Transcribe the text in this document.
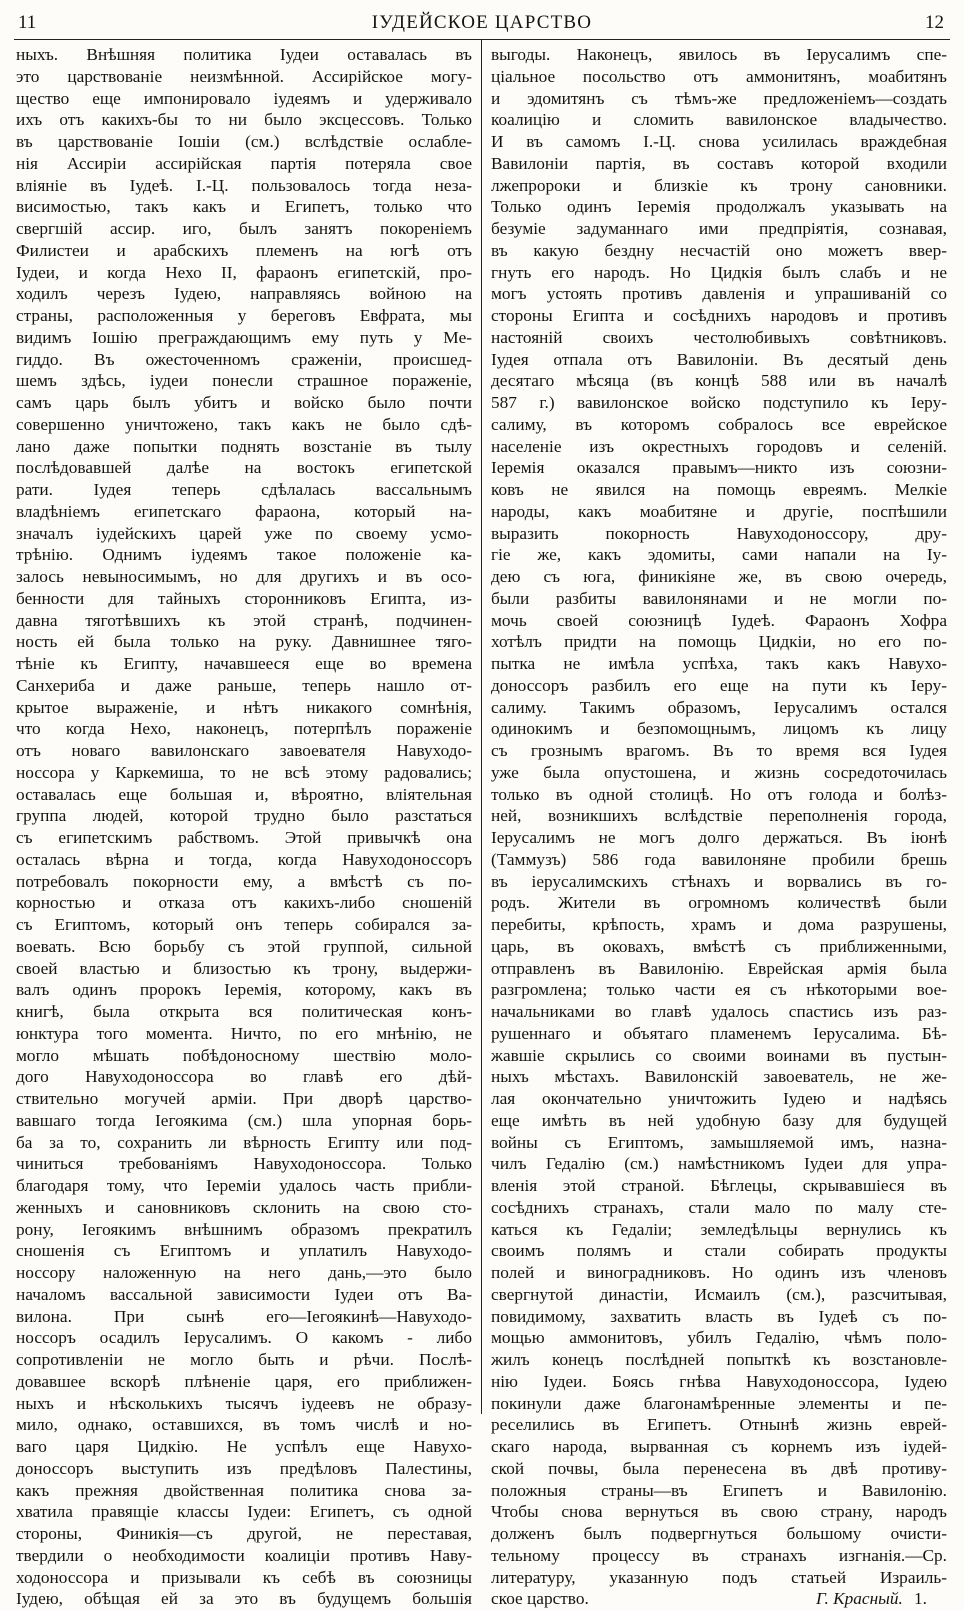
11	ІУДЕЙСКОЕ ЦАРСТВО	12
ныхъ. Внѣшняя политика Іудеи оставалась въ
это царствованіе неизмѣнной. Ассирійское могу-
щество еще импонировало іудеямъ и удерживало
ихъ отъ какихъ-бы то ни было эксцессовъ. Только
въ царствованіе Іошіи (см.) вслѣдствіе ослабле-
нія Ассиріи ассирійская партія потеряла свое
вліяніе въ Іудеѣ. І.-Ц. пользовалось тогда неза-
висимостью, такъ какъ и Египетъ, только что
свергшій ассир. иго, былъ занятъ покореніемъ
Филистеи и арабскихъ племенъ на югѣ отъ
Іудеи, и когда Нехо II, фараонъ египетскій, про-
ходилъ черезъ Іудею, направляясь войною на
страны, расположенныя у береговъ Евфрата, мы
видимъ Іошію преграждающимъ ему путь у Me-
гиддо. Въ ожесточенномъ сраженіи, происшед-
шемъ здѣсь, іудеи понесли страшное пораженіе,
самъ царь былъ убитъ и войско было почти
совершенно уничтожено, такъ какъ не было сдѣ-
лано даже попытки поднять возстаніе въ тылу
послѣдовавшей далѣе на востокъ египетской
рати. Іудея теперь сдѣлалась вассальнымъ
владѣніемъ египетскаго фараона, который на-
значалъ іудейскихъ царей уже по своему усмо-
трѣнію. Однимъ іудеямъ такое положеніе ка-
залось невыносимымъ, но для другихъ и въ осо-
бенности для тайныхъ сторонниковъ Египта, из-
давна тяготѣвшихъ къ этой странѣ, подчинен-
ность ей была только на руку. Давнишнее тяго-
тѣніе къ Египту, начавшееся еще во времена
Санхериба и даже раньше, теперь нашло от-
крытое выраженіе, и нѣтъ никакого сомнѣнія,
что когда Нехо, наконецъ, потерпѣлъ пораженіе
отъ новаго вавилонскаго завоевателя Навуходо-
носсора у Каркемиша, то не всѣ этому радовались;
оставалась еще большая и, вѣроятно, вліятельная
группа людей, которой трудно было разстаться
съ египетскимъ рабствомъ. Этой привычкѣ она
осталась вѣрна и тогда, когда Навуходоноссоръ
потребовалъ покорности ему, а вмѣстѣ съ по-
корностью и отказа отъ какихъ-либо сношеній
съ Египтомъ, который онъ теперь собирался за-
воевать. Всю борьбу съ этой группой, сильной
своей властью и близостью къ трону, выдержи-
валъ одинъ пророкъ Іеремія, которому, какъ въ
книгѣ, была открыта вся политическая конъ-
юнктура того момента. Ничто, по его мнѣнію, не
могло мѣшать побѣдоносному шествію моло-
дого Навуходоноссора во главѣ его дѣй-
ствительно могучей арміи. При дворѣ царство-
вавшаго тогда Іегоякима (см.) шла упорная борь-
ба за то, сохранить ли вѣрность Египту или под-
чиниться требованіямъ Навуходоноссора. Только
благодаря тому, что Іереміи удалось часть прибли-
женныхъ и сановниковъ склонить на свою сто-
рону, Іегоякимъ внѣшнимъ образомъ прекратилъ
сношенія съ Египтомъ и уплатилъ Навуходо-
носсору наложенную на него дань,—это было
началомъ вассальной зависимости Іудеи отъ Ва-
вилона. При сынѣ его—Іегоякинѣ—Навуходо-
носсоръ осадилъ Іерусалимъ. О какомъ - либо
сопротивленіи не могло быть и рѣчи. Послѣ-
довавшее вскорѣ плѣненіе царя, его приближен-
ныхъ и нѣсколькихъ тысячъ іудеевъ не образу-
мило, однако, оставшихся, въ томъ числѣ и но-
ваго царя Цидкію. Не успѣлъ еще Навухо-
доноссоръ выступить изъ предѣловъ Палестины,
какъ прежняя двойственная политика снова за-
хватила правящіе классы Іудеи: Египетъ, съ одной
стороны, Финикія—съ другой, не переставая,
твердили о необходимости коалиціи противъ Наву-
ходоноссора и призывали къ себѣ въ союзницы
Іудею, обѣщая ей за это въ будущемъ большія
выгоды. Наконецъ, явилось въ Іерусалимъ спе-
ціальное посольство отъ аммонитянъ, моабитянъ
и эдомитянъ съ тѣмъ-же предложеніемъ—создать
коалицію и сломить вавилонское владычество.
И въ самомъ І.-Ц. снова усилилась враждебная
Вавилоніи партія, въ составъ которой входили
лжепророки и близкіе къ трону сановники.
Только одинъ Іеремія продолжалъ указывать на
безуміе задуманнаго ими предпріятія, сознавая,
въ какую бездну несчастій оно можетъ ввер-
гнуть его народъ. Но Цидкія былъ слабъ и не
могъ устоять противъ давленія и упрашиваній со
стороны Египта и сосѣднихъ народовъ и противъ
настояній своихъ честолюбивыхъ совѣтниковъ.
Іудея отпала отъ Вавилоніи. Въ десятый день
десятаго мѣсяца (въ концѣ 588 или въ началѣ
587 г.) вавилонское войско подступило къ Іеру-
салиму, въ которомъ собралось все еврейское
населеніе изъ окрестныхъ городовъ и селеній.
Іеремія оказался правымъ—никто изъ союзни-
ковъ не явился на помощь евреямъ. Мелкіе
народы, какъ моабитяне и другіе, поспѣшили
выразить покорность Навуходоноссору, дру-
гіе же, какъ эдомиты, сами напали на Іу-
дею съ юга, финикіяне же, въ свою очередь,
были разбиты вавилонянами и не могли по-
мочь своей союзницѣ Іудеѣ. Фараонъ Хофра
хотѣлъ придти на помощь Цидкіи, но его по-
пытка не имѣла успѣха, такъ какъ Навухо-
доноссоръ разбилъ его еще на пути къ Іеру-
салиму. Такимъ образомъ, Іерусалимъ остался
одинокимъ и безпомощнымъ, лицомъ къ лицу
съ грознымъ врагомъ. Въ то время вся Іудея
уже была опустошена, и жизнь сосредоточилась
только въ одной столицѣ. Но отъ голода и болѣз-
ней, возникшихъ вслѣдствіе переполненія города,
Іерусалимъ не могъ долго держаться. Въ іюнѣ
(Таммузъ) 586 года вавилоняне пробили брешь
въ іерусалимскихъ стѣнахъ и ворвались въ го-
родъ. Жители въ огромномъ количествѣ были
перебиты, крѣпость, храмъ и дома разрушены,
царь, въ оковахъ, вмѣстѣ съ приближенными,
отправленъ въ Вавилонію. Еврейская армія была
разгромлена; только части ея съ нѣкоторыми вое-
начальниками во главѣ удалось спастись изъ раз-
рушеннаго и объятаго пламенемъ Іерусалима. Бѣ-
жавшіе скрылись со своими воинами въ пустын-
ныхъ мѣстахъ. Вавилонскій завоеватель, не же-
лая окончательно уничтожить Іудею и надѣясь
еще имѣть въ ней удобную базу для будущей
войны съ Египтомъ, замышляемой имъ, назна-
чилъ Гедалію (см.) намѣстникомъ Іудеи для упра-
вленія этой страной. Бѣглецы, скрывавшіеся въ
сосѣднихъ странахъ, стали мало по малу сте-
каться къ Гедаліи; земледѣльцы вернулись къ
своимъ полямъ и стали собирать продукты
полей и виноградниковъ. Но одинъ изъ членовъ
свергнутой династіи, Исмаилъ (см.), разсчитывая,
повидимому, захватить власть въ Іудеѣ съ по-
мощью аммонитовъ, убилъ Гедалію, чѣмъ поло-
жилъ конецъ послѣдней попыткѣ къ возстановле-
нію Іудеи. Боясь гнѣва Навуходоноссора, Іудею
покинули даже благонамѣренные элементы и пе-
реселились въ Египетъ. Отнынѣ жизнь еврей-
скаго народа, вырванная съ корнемъ изъ іудей-
ской почвы, была перенесена въ двѣ противу-
положныя страны—въ Египетъ и Вавилонію.
Чтобы снова вернуться въ свою страну, народъ
долженъ былъ подвергнуться большому очисти-
тельному процессу въ странахъ изгнанія.—Ср.
литературу, указанную подъ статьей Израиль-
ское царство.	Г. Красный. 1.
